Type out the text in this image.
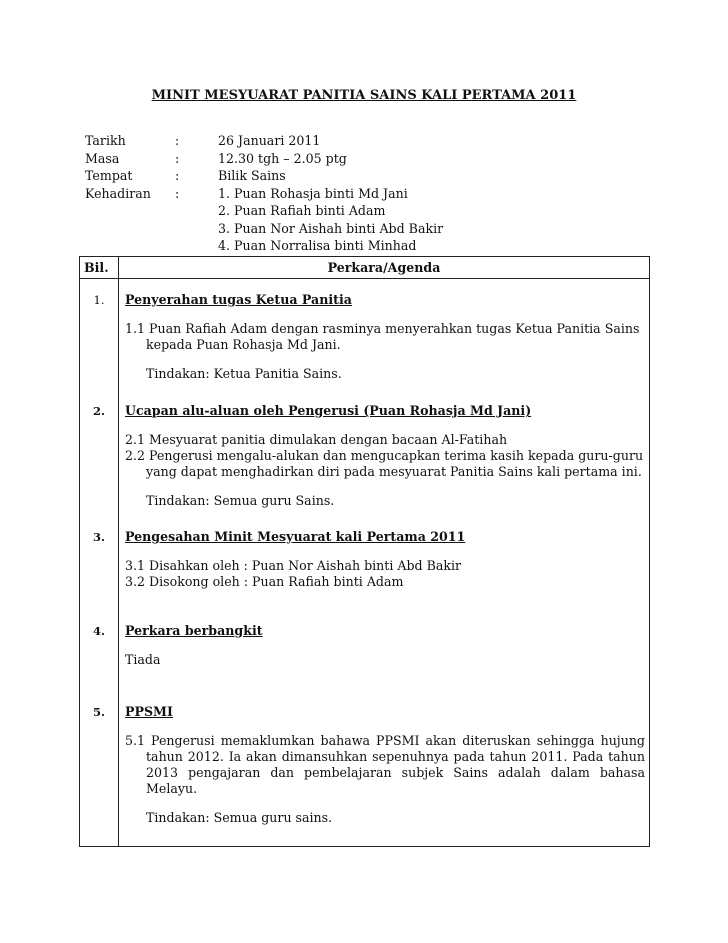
MINIT MESYUARAT PANITIA SAINS KALI PERTAMA 2011
Tarikh	:	26 Januari 2011
Masa	:	12.30 tgh – 2.05 ptg
Tempat	:	Bilik Sains
Kehadiran :	1. Puan Rohasja binti Md Jani
2. Puan Rafiah binti Adam
3. Puan Nor Aishah binti Abd Bakir
4. Puan Norralisa binti Minhad
Bil.	Perkara/Agenda
1.	Penyerahan tugas Ketua Panitia
1.1 Puan Rafiah Adam dengan rasminya menyerahkan tugas Ketua Panitia Sains kepada Puan Rohasja Md Jani.
Tindakan: Ketua Panitia Sains.
2.	Ucapan alu-aluan oleh Pengerusi (Puan Rohasja Md Jani)
2.1 Mesyuarat panitia dimulakan dengan bacaan Al-Fatihah
2.2 Pengerusi mengalu-alukan dan mengucapkan terima kasih kepada guru-guru yang dapat menghadirkan diri pada mesyuarat Panitia Sains kali pertama ini.
Tindakan: Semua guru Sains.
3.	Pengesahan Minit Mesyuarat kali Pertama 2011
3.1 Disahkan oleh : Puan Nor Aishah binti Abd Bakir
3.2 Disokong oleh : Puan Rafiah binti Adam
4.	Perkara berbangkit
Tiada
5.	PPSMI
5.1 Pengerusi memaklumkan bahawa PPSMI akan diteruskan sehingga hujung tahun 2012. Ia akan dimansuhkan sepenuhnya pada tahun 2011. Pada tahun 2013 pengajaran dan pembelajaran subjek Sains adalah dalam bahasa Melayu.
Tindakan: Semua guru sains.
